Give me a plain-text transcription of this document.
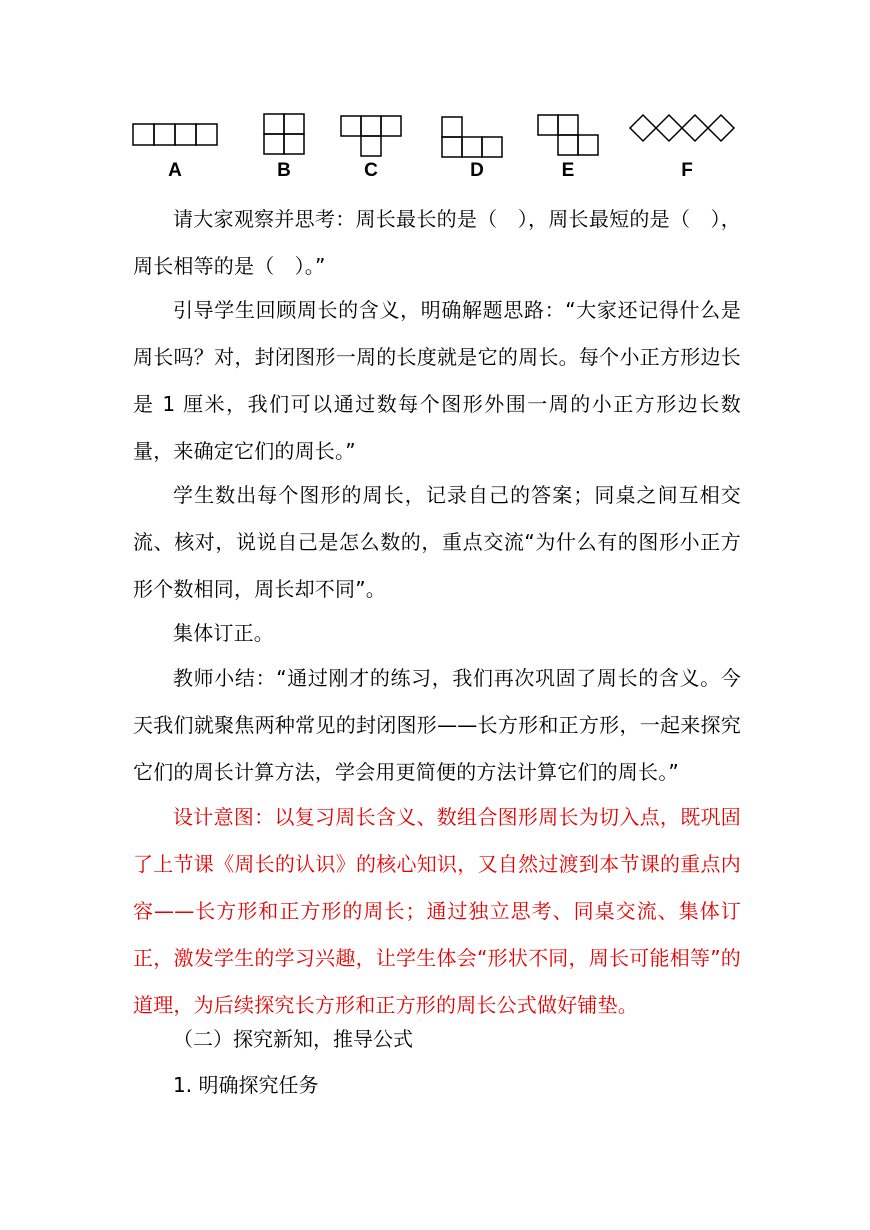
A	B	C	D	E	F

请大家观察并思考：周长最长的是（　），周长最短的是（　），周长相等的是（　）。”

引导学生回顾周长的含义，明确解题思路：“大家还记得什么是周长吗？对，封闭图形一周的长度就是它的周长。每个小正方形边长是 1 厘米，我们可以通过数每个图形外围一周的小正方形边长数量，来确定它们的周长。”

学生数出每个图形的周长，记录自己的答案；同桌之间互相交流、核对，说说自己是怎么数的，重点交流“为什么有的图形小正方形个数相同，周长却不同”。

集体订正。

教师小结：“通过刚才的练习，我们再次巩固了周长的含义。今天我们就聚焦两种常见的封闭图形——长方形和正方形，一起来探究它们的周长计算方法，学会用更简便的方法计算它们的周长。”

设计意图：以复习周长含义、数组合图形周长为切入点，既巩固了上节课《周长的认识》的核心知识，又自然过渡到本节课的重点内容——长方形和正方形的周长；通过独立思考、同桌交流、集体订正，激发学生的学习兴趣，让学生体会“形状不同，周长可能相等”的道理，为后续探究长方形和正方形的周长公式做好铺垫。

（二）探究新知，推导公式
1. 明确探究任务
